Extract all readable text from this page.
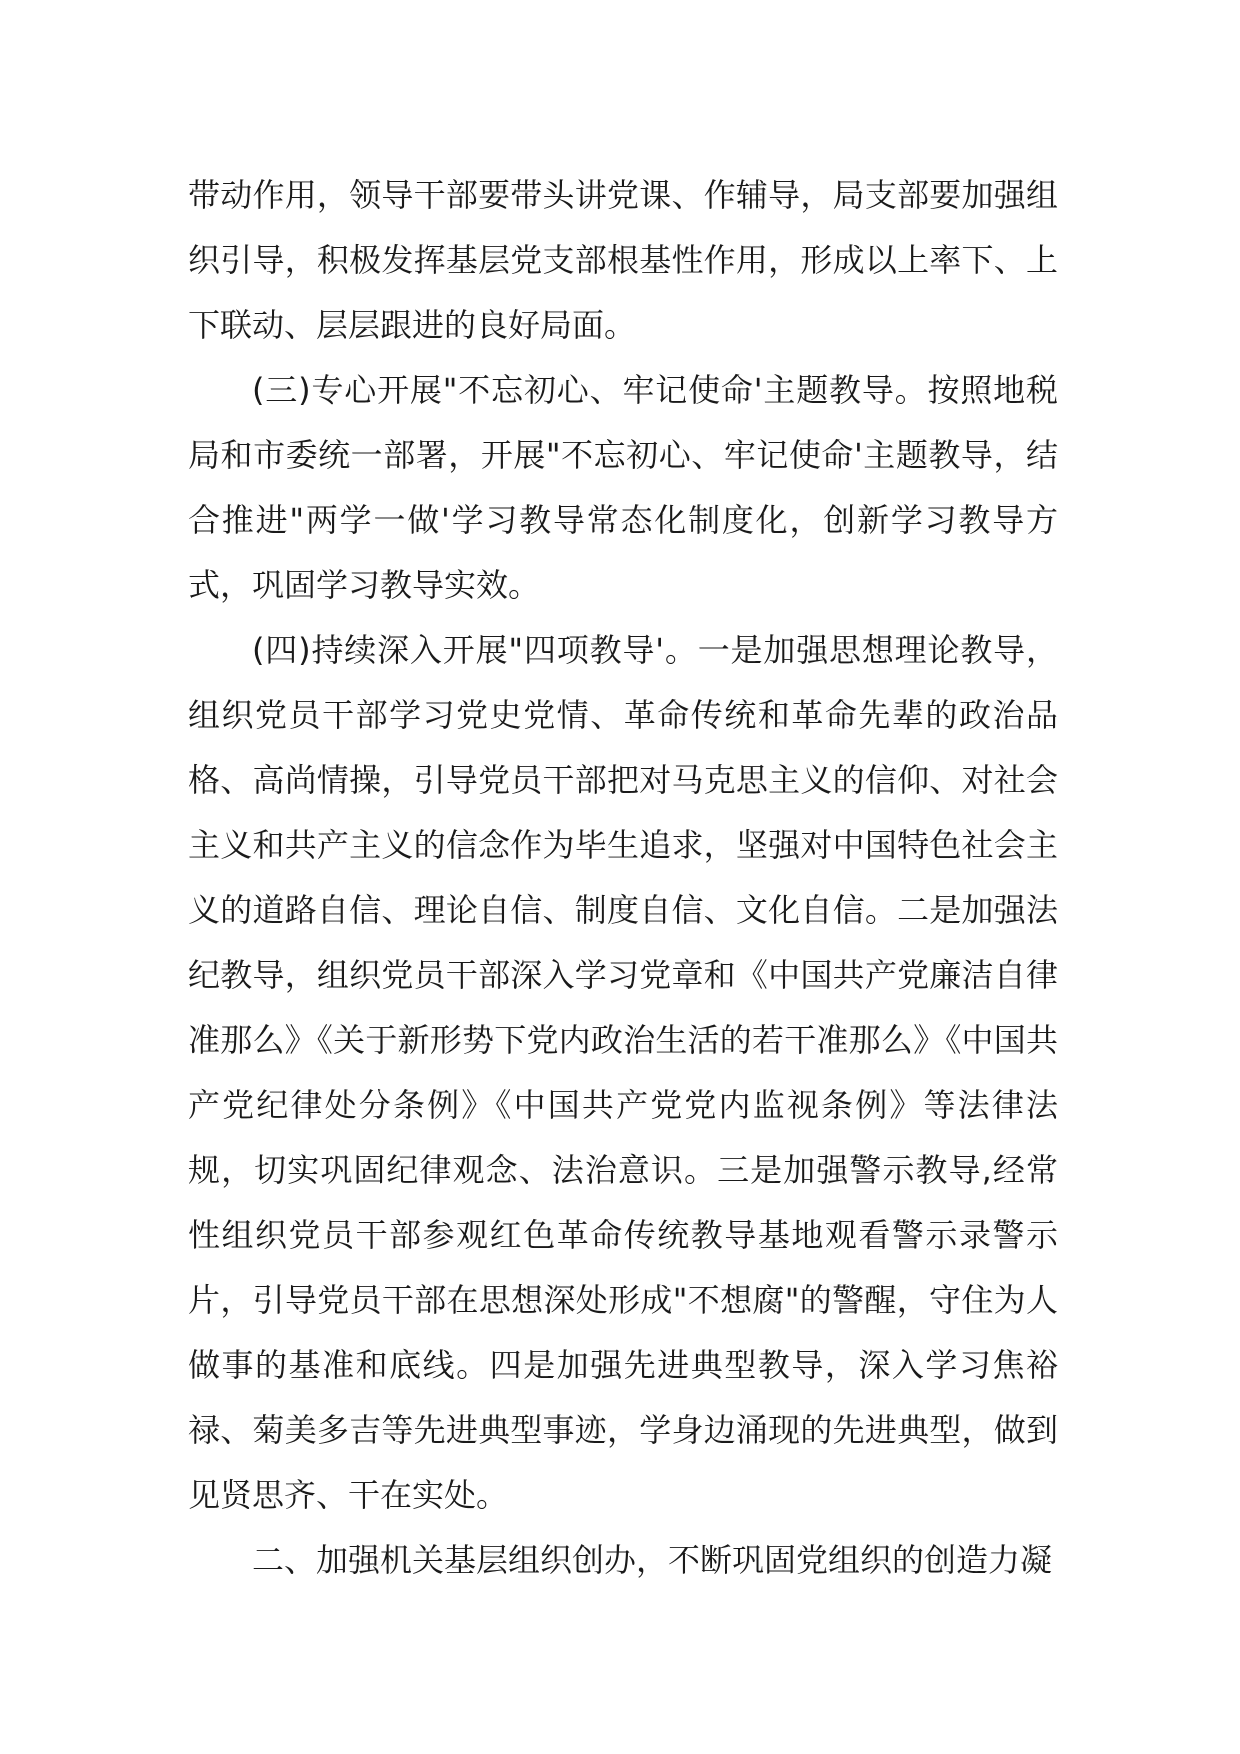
带动作用，领导干部要带头讲党课、作辅导，局支部要加强组织引导，积极发挥基层党支部根基性作用，形成以上率下、上下联动、层层跟进的良好局面。

(三)专心开展"不忘初心、牢记使命'主题教导。按照地税局和市委统一部署，开展"不忘初心、牢记使命'主题教导，结合推进"两学一做'学习教导常态化制度化，创新学习教导方式，巩固学习教导实效。

(四)持续深入开展"四项教导'。一是加强思想理论教导，组织党员干部学习党史党情、革命传统和革命先辈的政治品格、高尚情操，引导党员干部把对马克思主义的信仰、对社会主义和共产主义的信念作为毕生追求，坚强对中国特色社会主义的道路自信、理论自信、制度自信、文化自信。二是加强法纪教导，组织党员干部深入学习党章和《中国共产党廉洁自律准那么》《关于新形势下党内政治生活的若干准那么》《中国共产党纪律处分条例》《中国共产党党内监视条例》等法律法规，切实巩固纪律观念、法治意识。三是加强警示教导,经常性组织党员干部参观红色革命传统教导基地观看警示录警示片，引导党员干部在思想深处形成"不想腐"的警醒，守住为人做事的基准和底线。四是加强先进典型教导，深入学习焦裕禄、菊美多吉等先进典型事迹，学身边涌现的先进典型，做到见贤思齐、干在实处。

二、加强机关基层组织创办，不断巩固党组织的创造力凝
